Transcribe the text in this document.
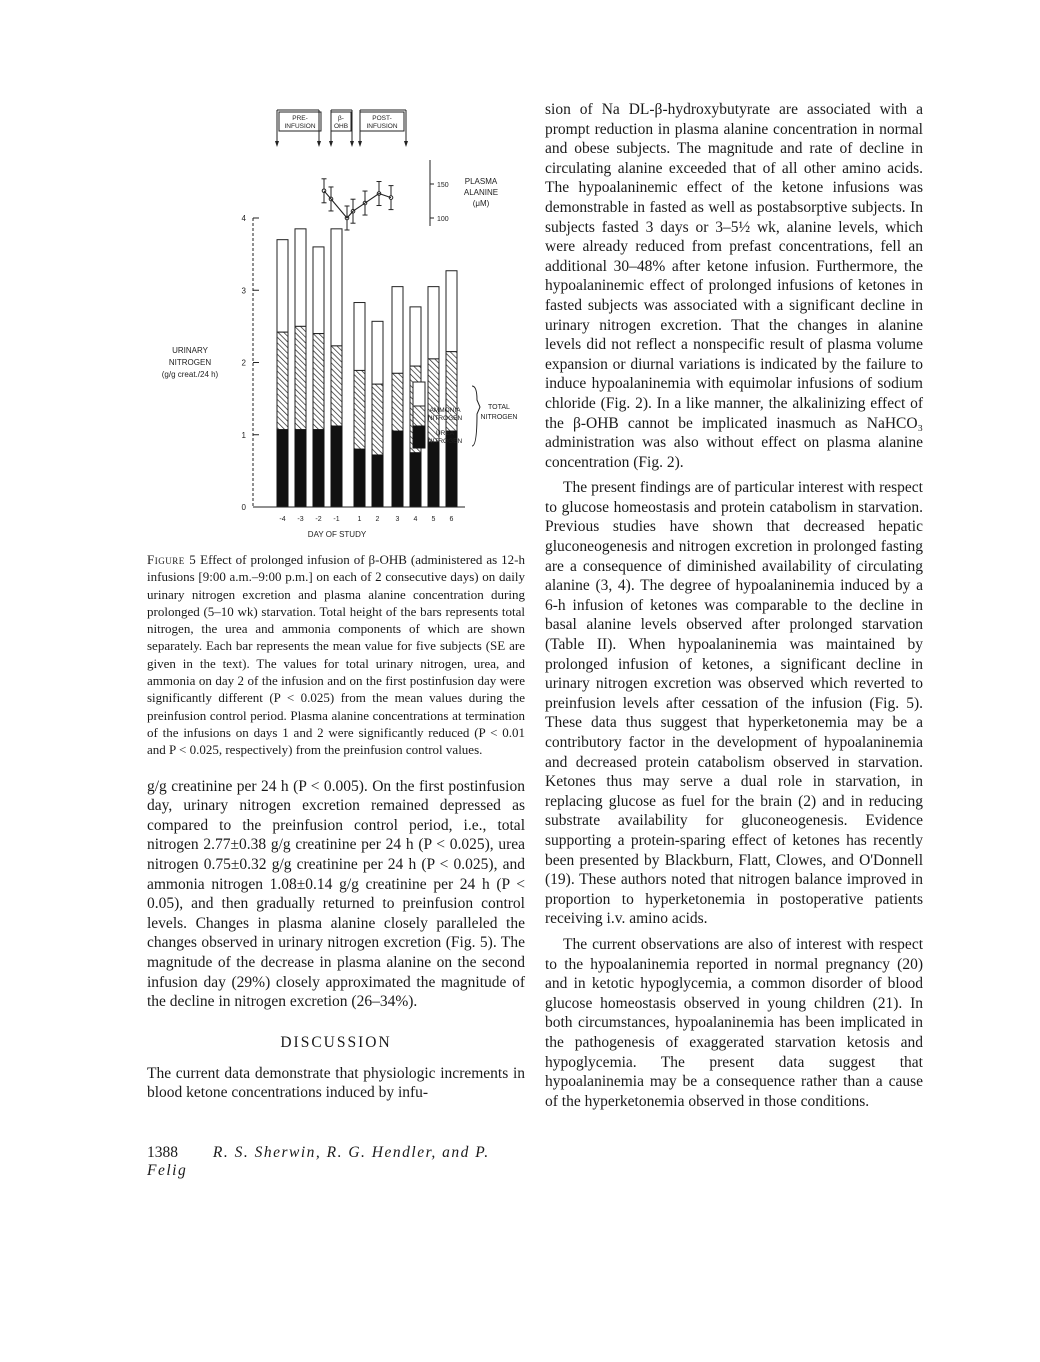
PRE-
INFUSION
β-
OHB
POST-
INFUSION
150
100
PLASMA
ALANINE
(μM)
0
1
2
3
4
URINARY
NITROGEN
(g/g creat./24 h)
-4 -3 -2 -1	1 2 3 4 5 6
DAY OF STUDY
AMMONIA
NITROGEN
UREA
NITROGEN
TOTAL
NITROGEN
Figure 5 Effect of prolonged infusion of β-OHB (administered as 12-h infusions [9:00 a.m.–9:00 p.m.] on each of 2 consecutive days) on daily urinary nitrogen excretion and plasma alanine concentration during prolonged (5–10 wk) starvation. Total height of the bars represents total nitrogen, the urea and ammonia components of which are shown separately. Each bar represents the mean value for five subjects (SE are given in the text). The values for total urinary nitrogen, urea, and ammonia on day 2 of the infusion and on the first postinfusion day were significantly different (P < 0.025) from the mean values during the preinfusion control period. Plasma alanine concentrations at termination of the infusions on days 1 and 2 were significantly reduced (P < 0.01 and P < 0.025, respectively) from the preinfusion control values.

g/g creatinine per 24 h (P < 0.005). On the first postinfusion day, urinary nitrogen excretion remained depressed as compared to the preinfusion control period, i.e., total nitrogen 2.77±0.38 g/g creatinine per 24 h (P < 0.025), urea nitrogen 0.75±0.32 g/g creatinine per 24 h (P < 0.025), and ammonia nitrogen 1.08±0.14 g/g creatinine per 24 h (P < 0.05), and then gradually returned to preinfusion control levels. Changes in plasma alanine closely paralleled the changes observed in urinary nitrogen excretion (Fig. 5). The magnitude of the decrease in plasma alanine on the second infusion day (29%) closely approximated the magnitude of the decline in nitrogen excretion (26–34%).

DISCUSSION

The current data demonstrate that physiologic increments in blood ketone concentrations induced by infu-

sion of Na DL-β-hydroxybutyrate are associated with a prompt reduction in plasma alanine concentration in normal and obese subjects. The magnitude and rate of decline in circulating alanine exceeded that of all other amino acids. The hypoalaninemic effect of the ketone infusions was demonstrable in fasted as well as postabsorptive subjects. In subjects fasted 3 days or 3–5½ wk, alanine levels, which were already reduced from prefast concentrations, fell an additional 30–48% after ketone infusion. Furthermore, the hypoalaninemic effect of prolonged infusions of ketones in fasted subjects was associated with a significant decline in urinary nitrogen excretion. That the changes in alanine levels did not reflect a nonspecific result of plasma volume expansion or diurnal variations is indicated by the failure to induce hypoalaninemia with equimolar infusions of sodium chloride (Fig. 2). In a like manner, the alkalinizing effect of the β-OHB cannot be implicated inasmuch as NaHCO₃ administration was also without effect on plasma alanine concentration (Fig. 2).

The present findings are of particular interest with respect to glucose homeostasis and protein catabolism in starvation. Previous studies have shown that decreased hepatic gluconeogenesis and nitrogen excretion in prolonged fasting are a consequence of diminished availability of circulating alanine (3, 4). The degree of hypoalaninemia induced by a 6-h infusion of ketones was comparable to the decline in basal alanine levels observed after prolonged starvation (Table II). When hypoalaninemia was maintained by prolonged infusion of ketones, a significant decline in urinary nitrogen excretion was observed which reverted to preinfusion levels after cessation of the infusion (Fig. 5). These data thus suggest that hyperketonemia may be a contributory factor in the development of hypoalaninemia and decreased protein catabolism observed in starvation. Ketones thus may serve a dual role in starvation, in replacing glucose as fuel for the brain (2) and in reducing substrate availability for gluconeogenesis. Evidence supporting a protein-sparing effect of ketones has recently been presented by Blackburn, Flatt, Clowes, and O'Donnell (19). These authors noted that nitrogen balance improved in proportion to hyperketonemia in postoperative patients receiving i.v. amino acids.

The current observations are also of interest with respect to the hypoalaninemia reported in normal pregnancy (20) and in ketotic hypoglycemia, a common disorder of blood glucose homeostasis observed in young children (21). In both circumstances, hypoalaninemia has been implicated in the pathogenesis of exaggerated starvation ketosis and hypoglycemia. The present data suggest that hypoalaninemia may be a consequence rather than a cause of the hyperketonemia observed in those conditions.

1388 R. S. Sherwin, R. G. Hendler, and P. Felig
